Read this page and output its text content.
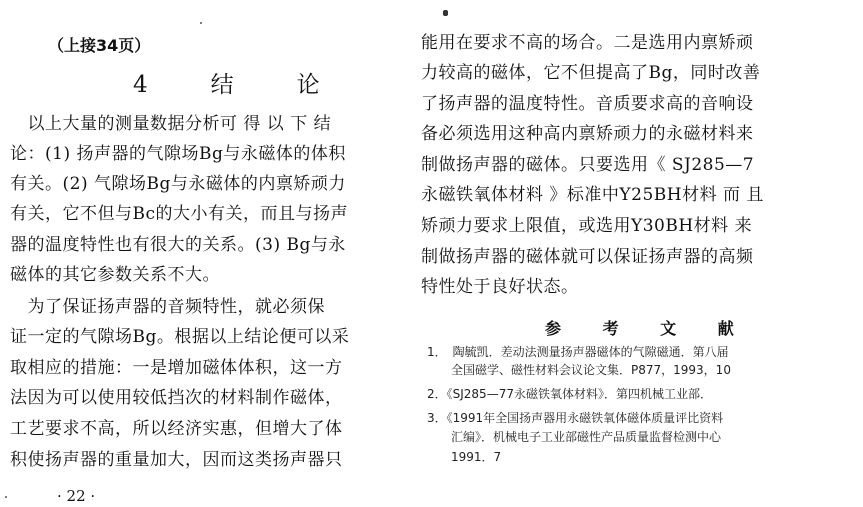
（上接34页）
4　结　论
　以上大量的测量数据分析可 得 以 下 结
论：(1) 扬声器的气隙场Bg与永磁体的体积
有关。(2) 气隙场Bg与永磁体的内禀矫顽力
有关，它不但与Bc的大小有关，而且与扬声
器的温度特性也有很大的关系。(3) Bg与永
磁体的其它参数关系不大。
　为了保证扬声器的音频特性，就必须保
证一定的气隙场Bg。根据以上结论便可以采
取相应的措施：一是增加磁体体积，这一方
法因为可以使用较低挡次的材料制作磁体，
工艺要求不高，所以经济实惠，但增大了体
积使扬声器的重量加大，因而这类扬声器只
· 22 ·
能用在要求不高的场合。二是选用内禀矫顽
力较高的磁体，它不但提高了Bg，同时改善
了扬声器的温度特性。音质要求高的音响设
备必须选用这种高内禀矫顽力的永磁材料来
制做扬声器的磁体。只要选用《 SJ285—7
永磁铁氧体材料 》标准中Y25BH材料 而 且
矫顽力要求上限值，或选用Y30BH材料 来
制做扬声器的磁体就可以保证扬声器的高频
特性处于良好状态。
参 考 文 献
1．　陶毓凯．差动法测量扬声器磁体的气隙磁通．第八届
　　全国磁学、磁性材料会议论文集．P877，1993，10
2．《SJ285—77永磁铁氧体材料》．第四机械工业部．
3．《1991年全国扬声器用永磁铁氧体磁体质量评比资料
　　汇编》．机械电子工业部磁性产品质量监督检测中心
　　1991．7
